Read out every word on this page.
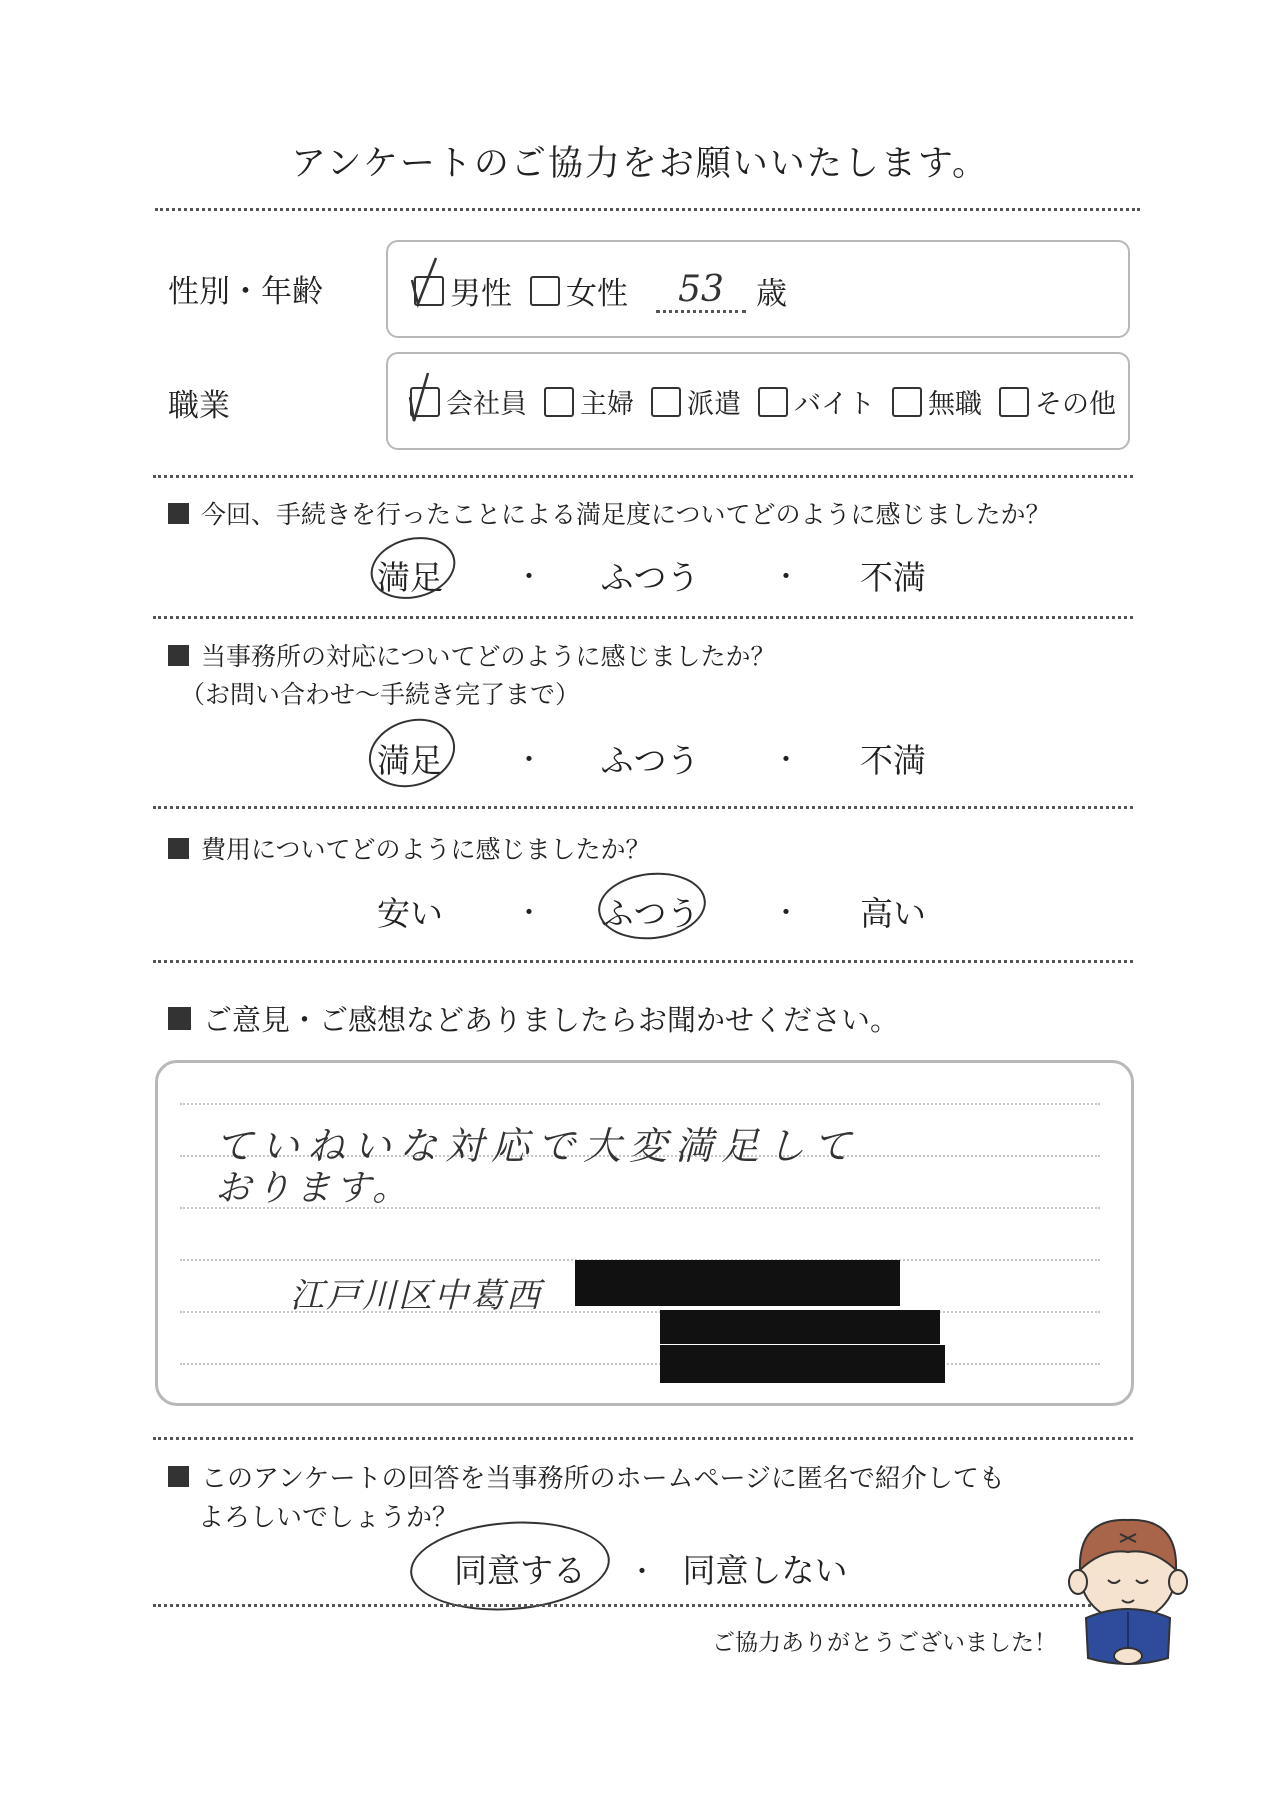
アンケートのご協力をお願いいたします。
性別・年齢	男性 女性	53	歳
職業	会社員 主婦 派遣 バイト 無職 その他
今回、手続きを行ったことによる満足度についてどのように感じましたか？
満足	・	ふつう	・	不満
当事務所の対応についてどのように感じましたか？
（お問い合わせ～手続き完了まで）
満足	・	ふつう	・	不満
費用についてどのように感じましたか？
安い	・	ふつう	・	高い
ご意見・ご感想などありましたらお聞かせください。
ていねいな対応で大変満足して
おります。
江戸川区中葛西
このアンケートの回答を当事務所のホームページに匿名で紹介しても
よろしいでしょうか？
同意する	・ 同意しない
ご協力ありがとうございました！
